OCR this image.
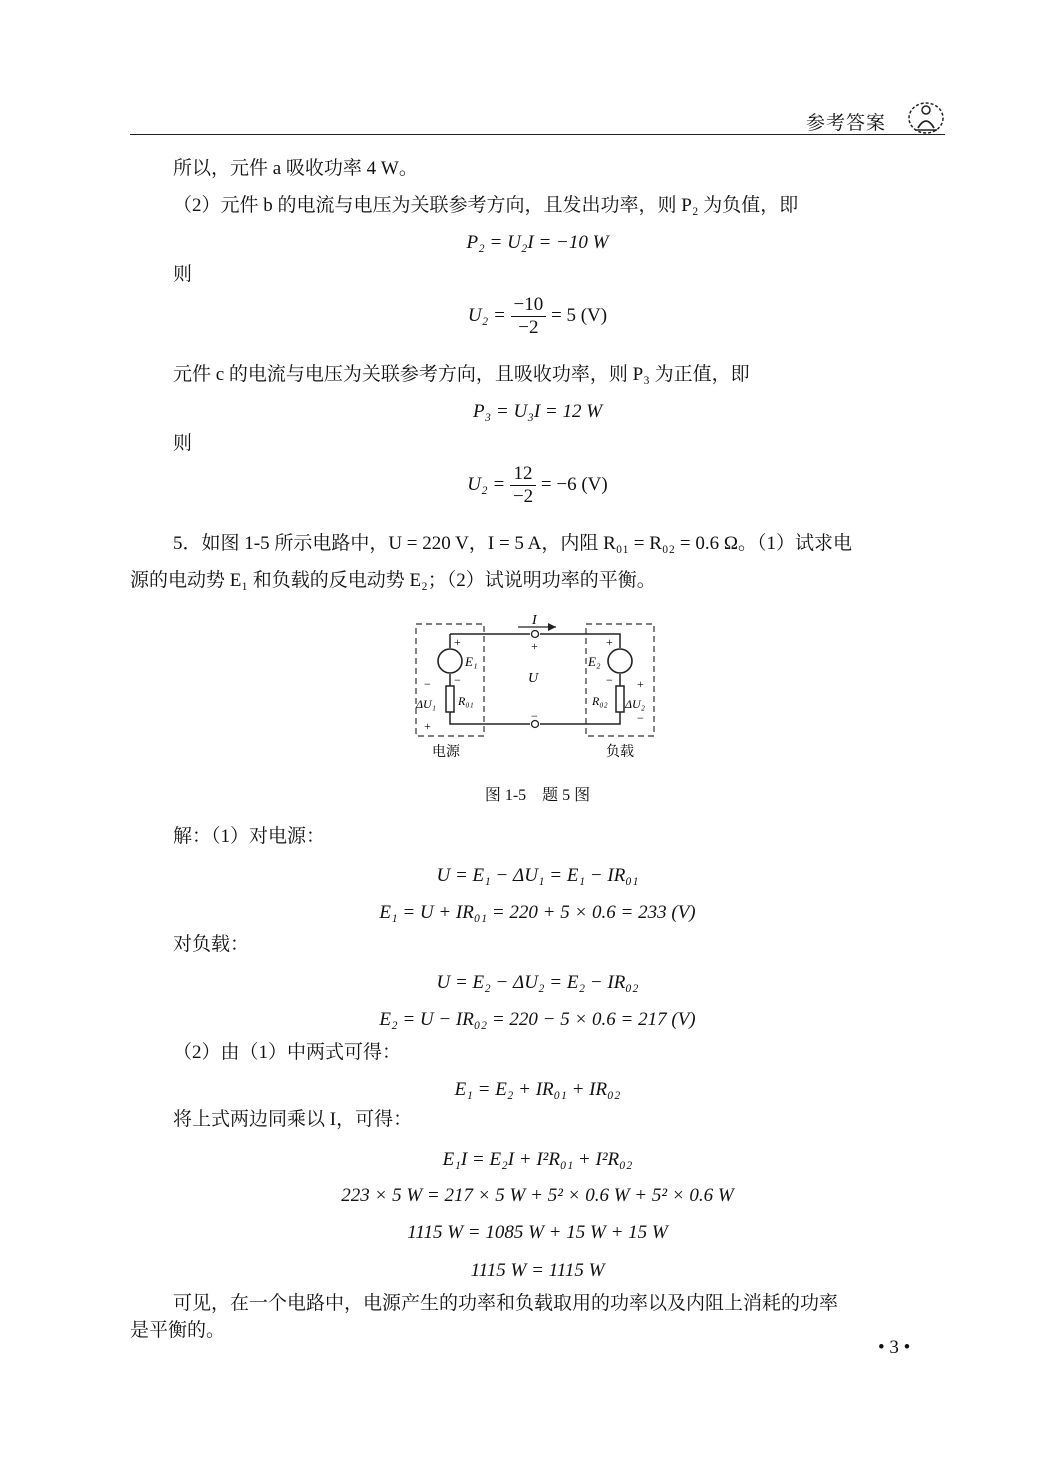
参考答案
所以，元件 a 吸收功率 4 W。
（2）元件 b 的电流与电压为关联参考方向，且发出功率，则 P₂ 为负值，即
P₂ = U₂I = −10 W
则
$U_2 = \frac{-10}{-2} = 5$ (V)
元件 c 的电流与电压为关联参考方向，且吸收功率，则 P₃ 为正值，即
P₃ = U₃I = 12 W
则
$U_2 = \frac{12}{-2} = -6$ (V)
5．如图 1-5 所示电路中，U = 220 V，I = 5 A，内阻 R₀₁ = R₀₂ = 0.6 Ω。（1）试求电
源的电动势 E₁ 和负载的反电动势 E₂；（2）试说明功率的平衡。
I
U
E₁	E₂
R₀₁	R₀₂
ΔU₁	ΔU₂
+	+	+
+
+
−
−
−
−
−
电源	负载
图 1-5　题 5 图
解：（1）对电源：
U = E₁ − ΔU₁ = E₁ − IR₀₁
E₁ = U + IR₀₁ = 220 + 5 × 0.6 = 233 (V)
对负载：
U = E₂ − ΔU₂ = E₂ − IR₀₂
E₂ = U − IR₀₂ = 220 − 5 × 0.6 = 217 (V)
（2）由（1）中两式可得：
E₁ = E₂ + IR₀₁ + IR₀₂
将上式两边同乘以 I，可得：
E₁I = E₂I + I²R₀₁ + I²R₀₂
223 × 5 W = 217 × 5 W + 5² × 0.6 W + 5² × 0.6 W
1115 W = 1085 W + 15 W + 15 W
1115 W = 1115 W
可见，在一个电路中，电源产生的功率和负载取用的功率以及内阻上消耗的功率
是平衡的。
• 3 •
